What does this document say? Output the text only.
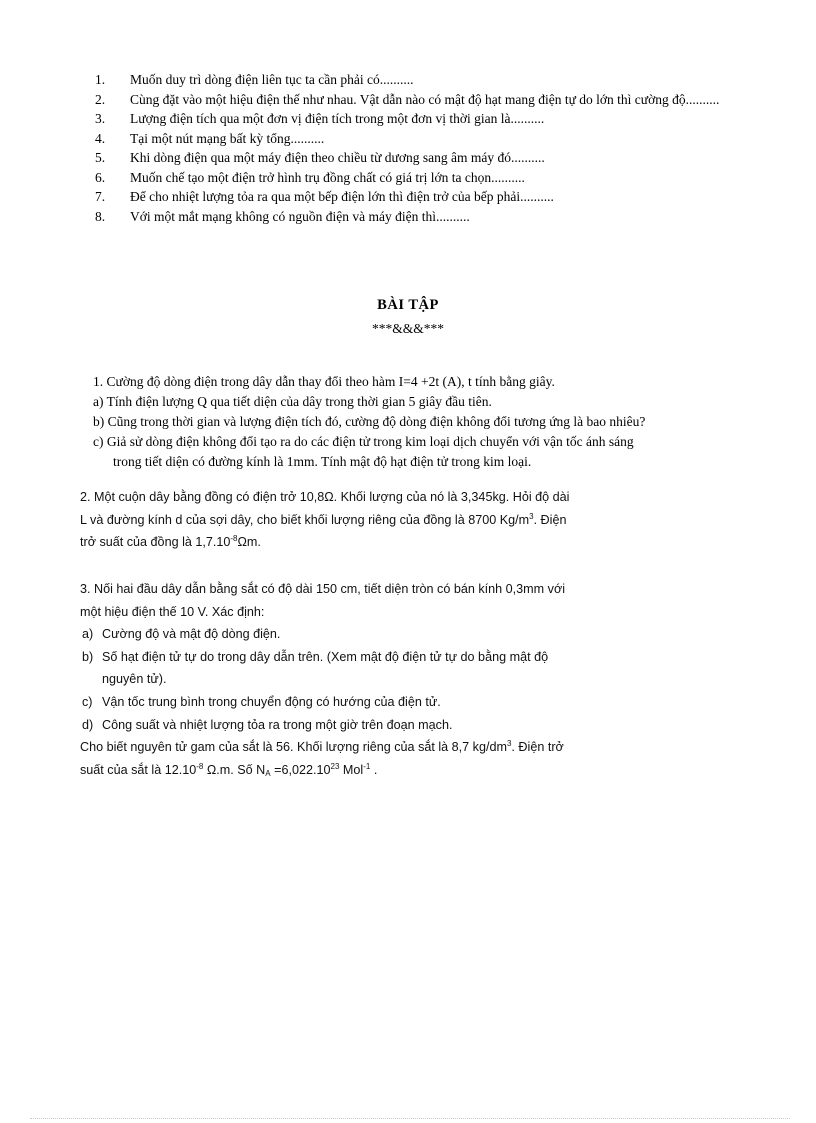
1. Muốn duy trì dòng điện liên tục ta cần phải có..........
2. Cùng đặt vào một hiệu điện thế như nhau. Vật dẫn nào có mật độ hạt mang điện tự do lớn thì cường độ..........
3. Lượng điện tích qua một đơn vị điện tích trong một đơn vị thời gian là..........
4. Tại một nút mạng bất kỳ tổng..........
5. Khi dòng điện qua một máy điện theo chiều từ dương sang âm máy đó..........
6. Muốn chế tạo một điện trở hình trụ đồng chất có giá trị lớn ta chọn..........
7. Để cho nhiệt lượng tỏa ra qua một bếp điện lớn thì điện trở của bếp phải..........
8. Với một mắt mạng không có nguồn điện và máy điện thì..........
BÀI TẬP
***&&&***

1. Cường độ dòng điện trong dây dẫn thay đổi theo hàm I=4 +2t (A), t tính bằng giây.

a) Tính điện lượng Q qua tiết diện của dây trong thời gian 5 giây đầu tiên.

b) Cũng trong thời gian và lượng điện tích đó, cường độ dòng điện không đổi tương ứng là bao nhiêu?

c) Giả sử dòng điện không đổi tạo ra do các điện tử trong kim loại dịch chuyển với vận tốc ánh sáng

trong tiết diện có đường kính là 1mm. Tính mật độ hạt điện tử trong kim loại.

2. Một cuộn dây bằng đồng có điện trở 10,8Ω. Khối lượng của nó là 3,345kg. Hỏi độ dài

L và đường kính d của sợi dây, cho biết khối lượng riêng của đồng là 8700 $Kg/m^3$. Điện

trở suất của đồng là $1,7.10^{-8}\Omega m$.

3. Nối hai đầu dây dẫn bằng sắt có độ dài 150 cm, tiết diện tròn có bán kính 0,3mm với

một hiệu điện thế 10 V. Xác định:

a) Cường độ và mật độ dòng điện.

b) Số hạt điện tử tự do trong dây dẫn trên. (Xem mật độ điện tử tự do bằng mật độ

nguyên tử).

c) Vận tốc trung bình trong chuyển động có hướng của điện tử.

d) Công suất và nhiệt lượng tỏa ra trong một giờ trên đoạn mạch.

Cho biết nguyên tử gam của sắt là 56. Khối lượng riêng của sắt là 8,7 $kg/dm^3$. Điện trở

suất của sắt là $12.10^{-8}$ Ω.m. Số $N_A =6,022.10^{23}$ Mol$^{-1}$ .
